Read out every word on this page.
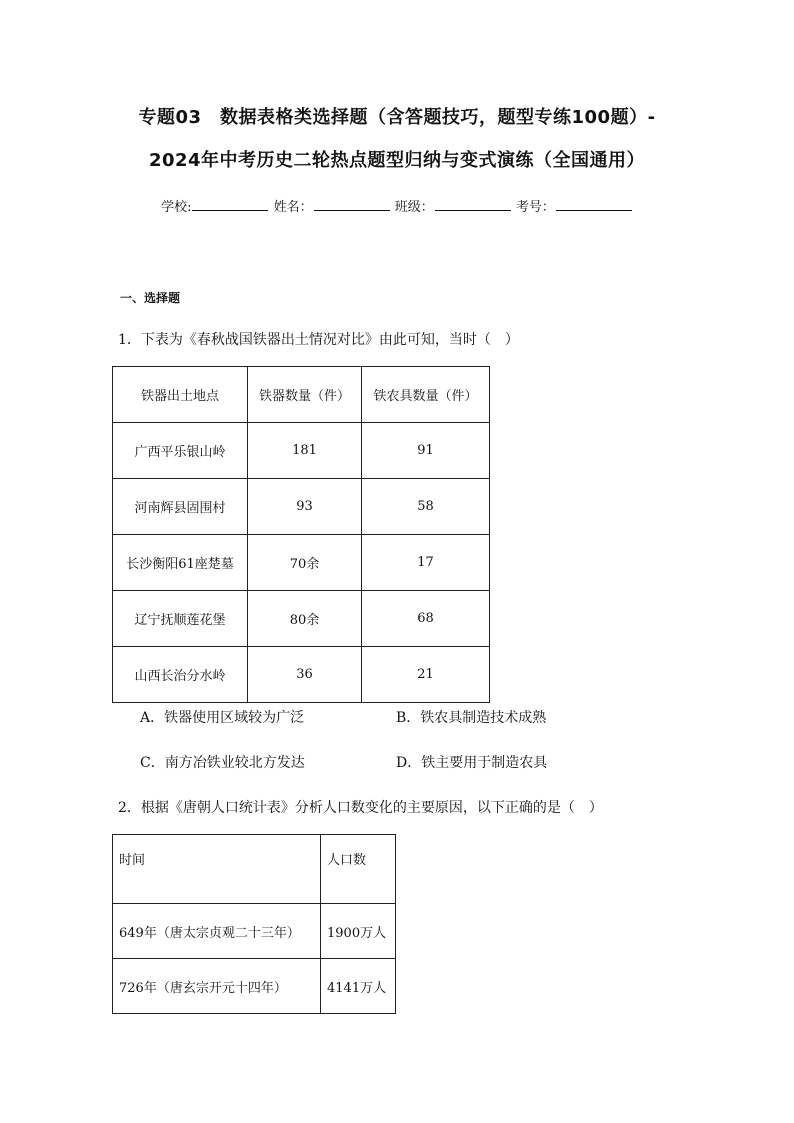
专题03　数据表格类选择题（含答题技巧，题型专练100题）-
2024年中考历史二轮热点题型归纳与变式演练（全国通用）
学校:	姓名：	班级：	考号：
一、选择题
1．下表为《春秋战国铁器出土情况对比》由此可知，当时（　）
铁器出土地点	铁器数量（件）	铁农具数量（件）
广西平乐银山岭	181	91
河南辉县固围村	93	58
长沙衡阳61座楚墓	70余	17
辽宁抚顺莲花堡	80余	68
山西长治分水岭	36	21
A．铁器使用区域较为广泛	B．铁农具制造技术成熟
C．南方冶铁业较北方发达	D．铁主要用于制造农具
2．根据《唐朝人口统计表》分析人口数变化的主要原因，以下正确的是（　）
时间	人口数
649年（唐太宗贞观二十三年）	1900万人
726年（唐玄宗开元十四年）	4141万人
